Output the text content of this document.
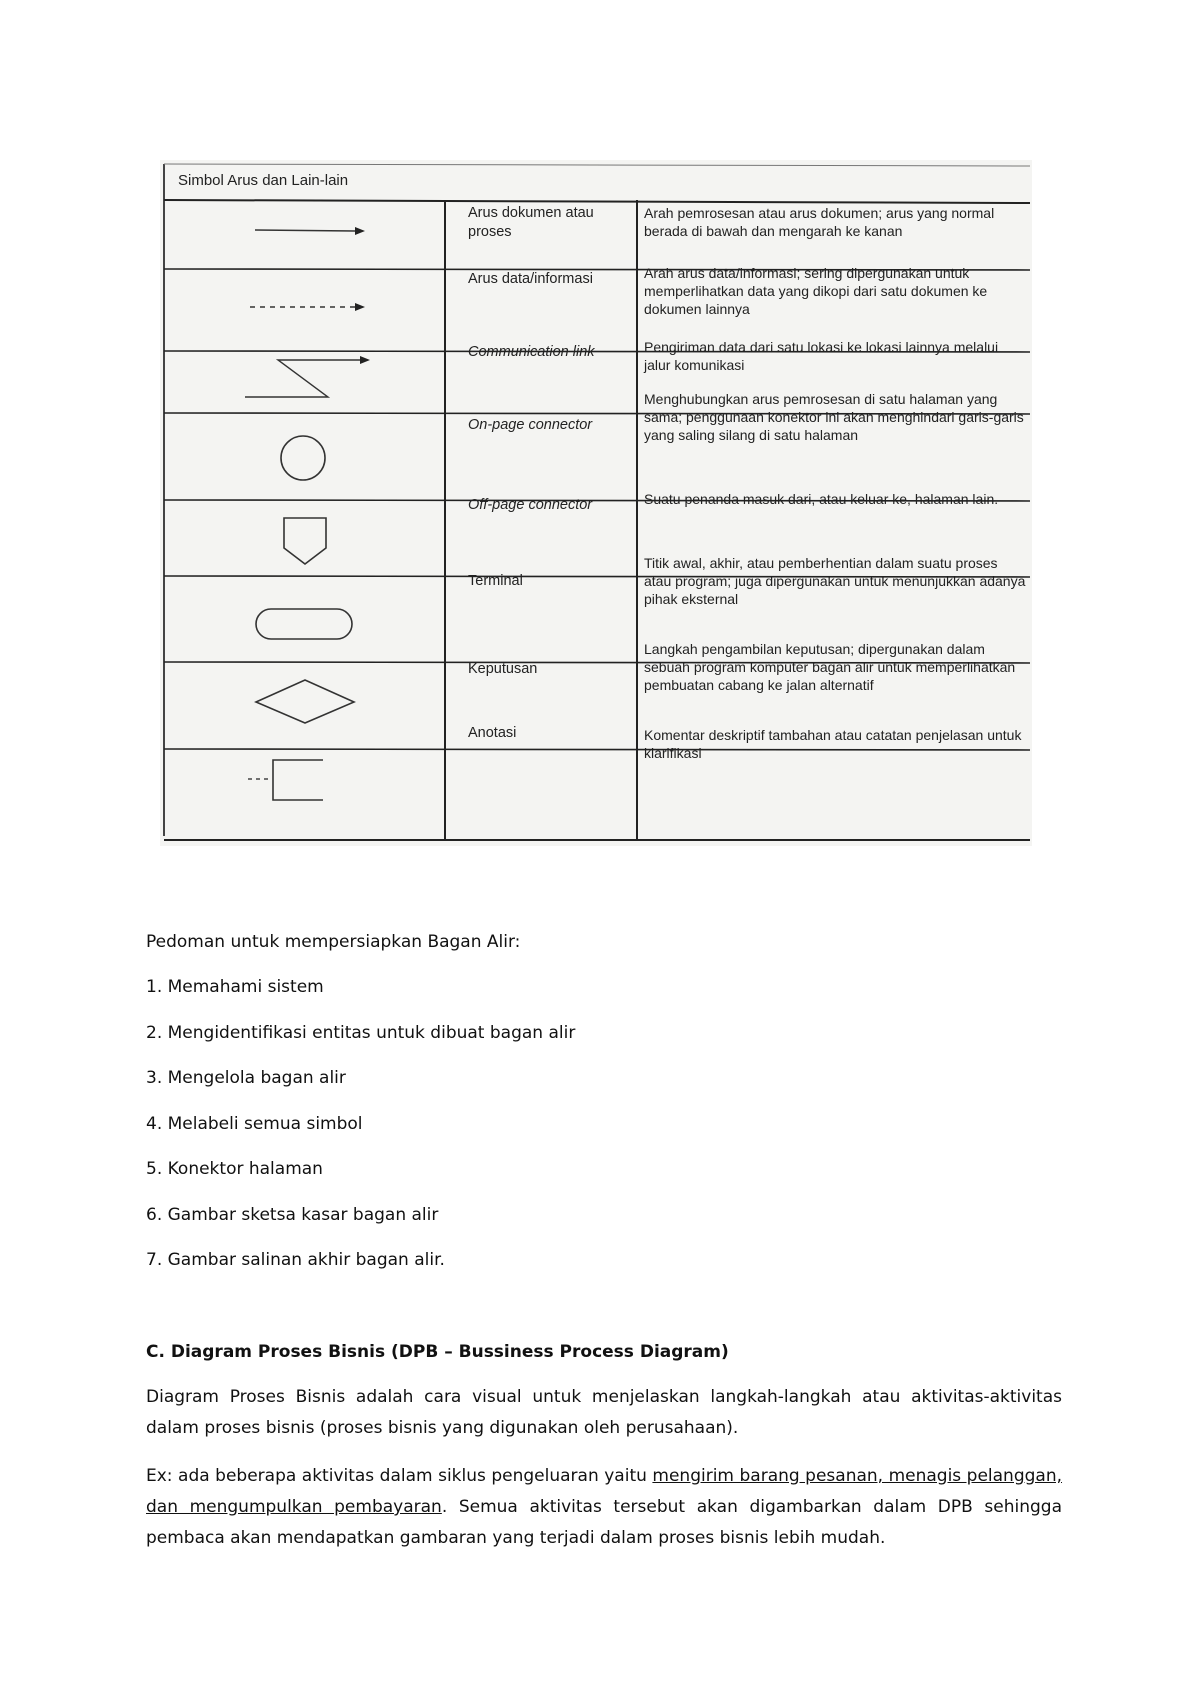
Simbol Arus dan Lain-lain
Arus dokumen atau proses
Arus data/informasi
Communication link
On-page connector
Off-page connector
Terminal
Keputusan
Anotasi
Arah pemrosesan atau arus dokumen; arus yang normal berada di bawah dan mengarah ke kanan
Arah arus data/informasi; sering dipergunakan untuk memperlihatkan data yang dikopi dari satu dokumen ke dokumen lainnya
Pengiriman data dari satu lokasi ke lokasi lainnya melalui jalur komunikasi
Menghubungkan arus pemrosesan di satu halaman yang sama; penggunaan konektor ini akan menghindari garis-garis yang saling silang di satu halaman
Suatu penanda masuk dari, atau keluar ke, halaman lain.
Titik awal, akhir, atau pemberhentian dalam suatu proses atau program; juga dipergunakan untuk menunjukkan adanya pihak eksternal
Langkah pengambilan keputusan; dipergunakan dalam sebuah program komputer bagan alir untuk memperlihatkan pembuatan cabang ke jalan alternatif
Komentar deskriptif tambahan atau catatan penjelasan untuk klarifikasi
Pedoman untuk mempersiapkan Bagan Alir:
1. Memahami sistem
2. Mengidentifikasi entitas untuk dibuat bagan alir
3. Mengelola bagan alir
4. Melabeli semua simbol
5. Konektor halaman
6. Gambar sketsa kasar bagan alir
7. Gambar salinan akhir bagan alir.
C. Diagram Proses Bisnis (DPB – Bussiness Process Diagram)
Diagram Proses Bisnis adalah cara visual untuk menjelaskan langkah-langkah atau aktivitas-aktivitas dalam proses bisnis (proses bisnis yang digunakan oleh perusahaan).
Ex: ada beberapa aktivitas dalam siklus pengeluaran yaitu mengirim barang pesanan, menagis pelanggan, dan mengumpulkan pembayaran. Semua aktivitas tersebut akan digambarkan dalam DPB sehingga pembaca akan mendapatkan gambaran yang terjadi dalam proses bisnis lebih mudah.
